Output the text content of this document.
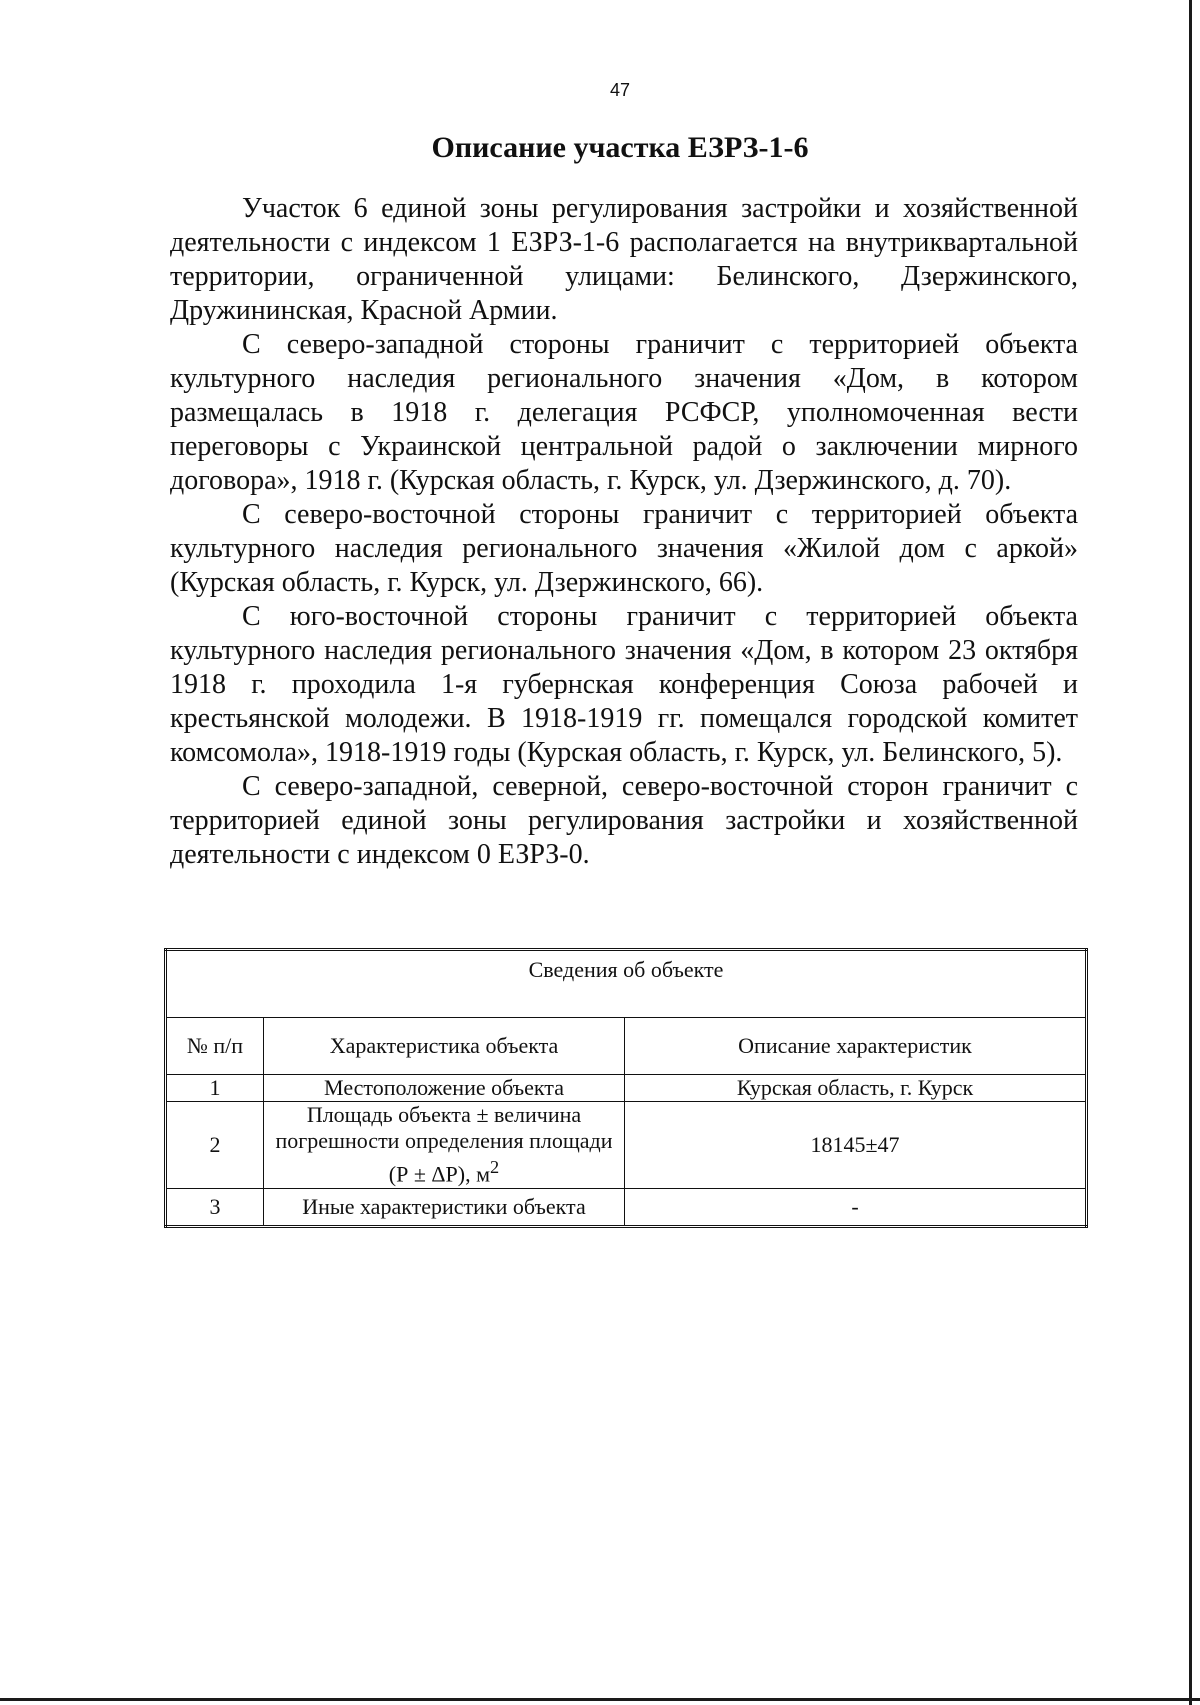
47
Описание участка ЕЗРЗ-1-6

Участок 6 единой зоны регулирования застройки и хозяйственной деятельности с индексом 1 ЕЗРЗ-1-6 располагается на внутриквартальной территории, ограниченной улицами: Белинского, Дзержинского, Дружининская, Красной Армии.

С северо-западной стороны граничит с территорией объекта культурного наследия регионального значения «Дом, в котором размещалась в 1918 г. делегация РСФСР, уполномоченная вести переговоры с Украинской центральной радой о заключении мирного договора», 1918 г. (Курская область, г. Курск, ул. Дзержинского, д. 70).

С северо-восточной стороны граничит с территорией объекта культурного наследия регионального значения «Жилой дом с аркой» (Курская область, г. Курск, ул. Дзержинского, 66).

С юго-восточной стороны граничит с территорией объекта культурного наследия регионального значения «Дом, в котором 23 октября 1918 г. проходила 1-я губернская конференция Союза рабочей и крестьянской молодежи. В 1918-1919 гг. помещался городской комитет комсомола», 1918-1919 годы (Курская область, г. Курск, ул. Белинского, 5).

С северо-западной, северной, северо-восточной сторон граничит с территорией единой зоны регулирования застройки и хозяйственной деятельности с индексом 0 ЕЗРЗ-0.

Сведения об объекте		
№ п/п	Характеристика объекта	Описание характеристик
1	Местоположение объекта	Курская область, г. Курск
2	Площадь объекта ± величина погрешности определения площади (Р ± ΔР), $м^2$	18145±47
3	Иные характеристики объекта	-
